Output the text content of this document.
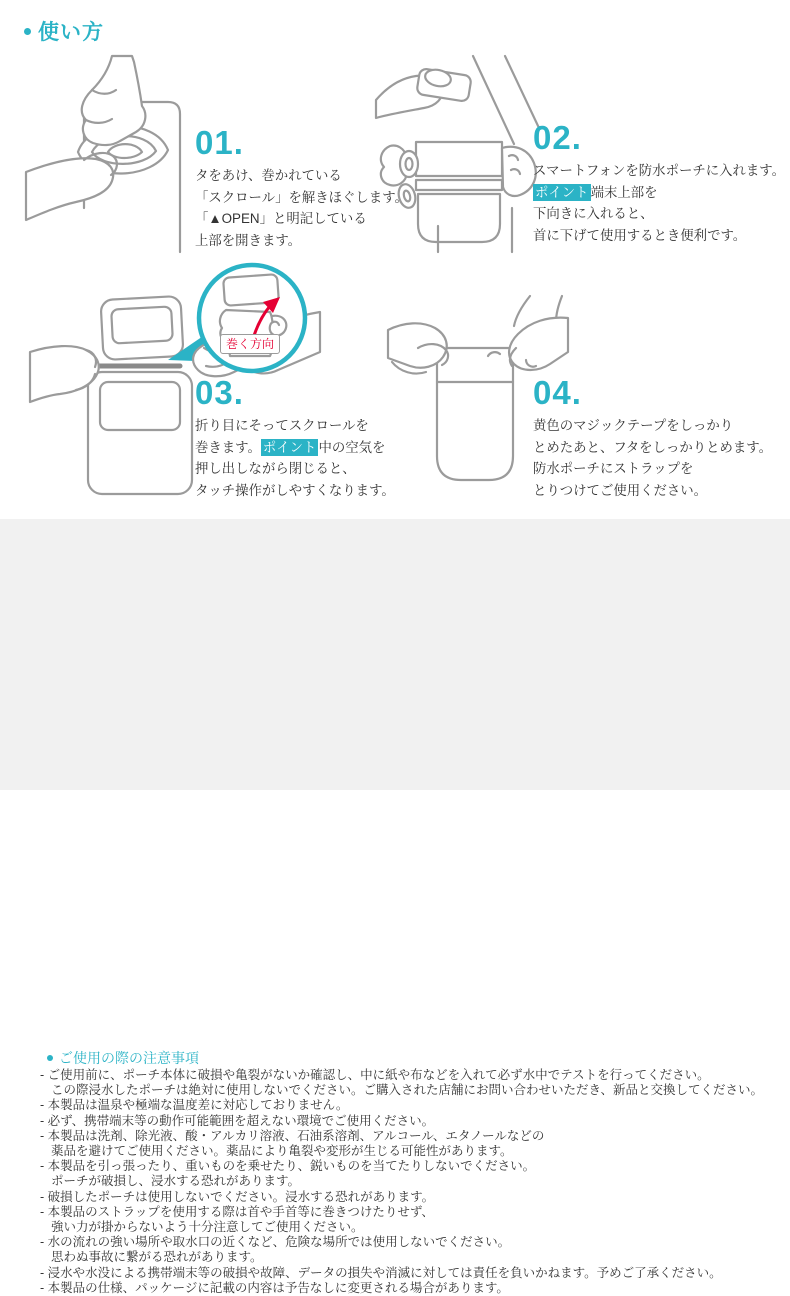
使い方
01.
タをあけ、巻かれている
「スクロール」を解きほぐします。
「▲OPEN」と明記している
上部を開きます。
02.
スマートフォンを防水ポーチに入れます。
ポイント 端末上部を
下向きに入れると、
首に下げて使用するとき便利です。
巻く方向
03.
折り目にそってスクロールを
巻きます。 ポイント 中の空気を
押し出しながら閉じると、
タッチ操作がしやすくなります。
04.
黄色のマジックテープをしっかり
とめたあと、フタをしっかりとめます。
防水ポーチにストラップを
とりつけてご使用ください。
ご使用の際の注意事項
- ご使用前に、ポーチ本体に破損や亀裂がないか確認し、中に紙や布などを入れて必ず水中でテストを行ってください。
この際浸水したポーチは絶対に使用しないでください。ご購入された店舗にお問い合わせいただき、新品と交換してください。
- 本製品は温泉や極端な温度差に対応しておりません。
- 必ず、携帯端末等の動作可能範囲を超えない環境でご使用ください。
- 本製品は洗剤、除光液、酸・アルカリ溶液、石油系溶剤、アルコール、エタノールなどの
薬品を避けてご使用ください。薬品により亀裂や変形が生じる可能性があります。
- 本製品を引っ張ったり、重いものを乗せたり、鋭いものを当てたりしないでください。
ポーチが破損し、浸水する恐れがあります。
- 破損したポーチは使用しないでください。浸水する恐れがあります。
- 本製品のストラップを使用する際は首や手首等に巻きつけたりせず、
強い力が掛からないよう十分注意してご使用ください。
- 水の流れの強い場所や取水口の近くなど、危険な場所では使用しないでください。
思わぬ事故に繋がる恐れがあります。
- 浸水や水没による携帯端末等の破損や故障、データの損失や消滅に対しては責任を負いかねます。予めご了承ください。
- 本製品の仕様、パッケージに記載の内容は予告なしに変更される場合があります。
